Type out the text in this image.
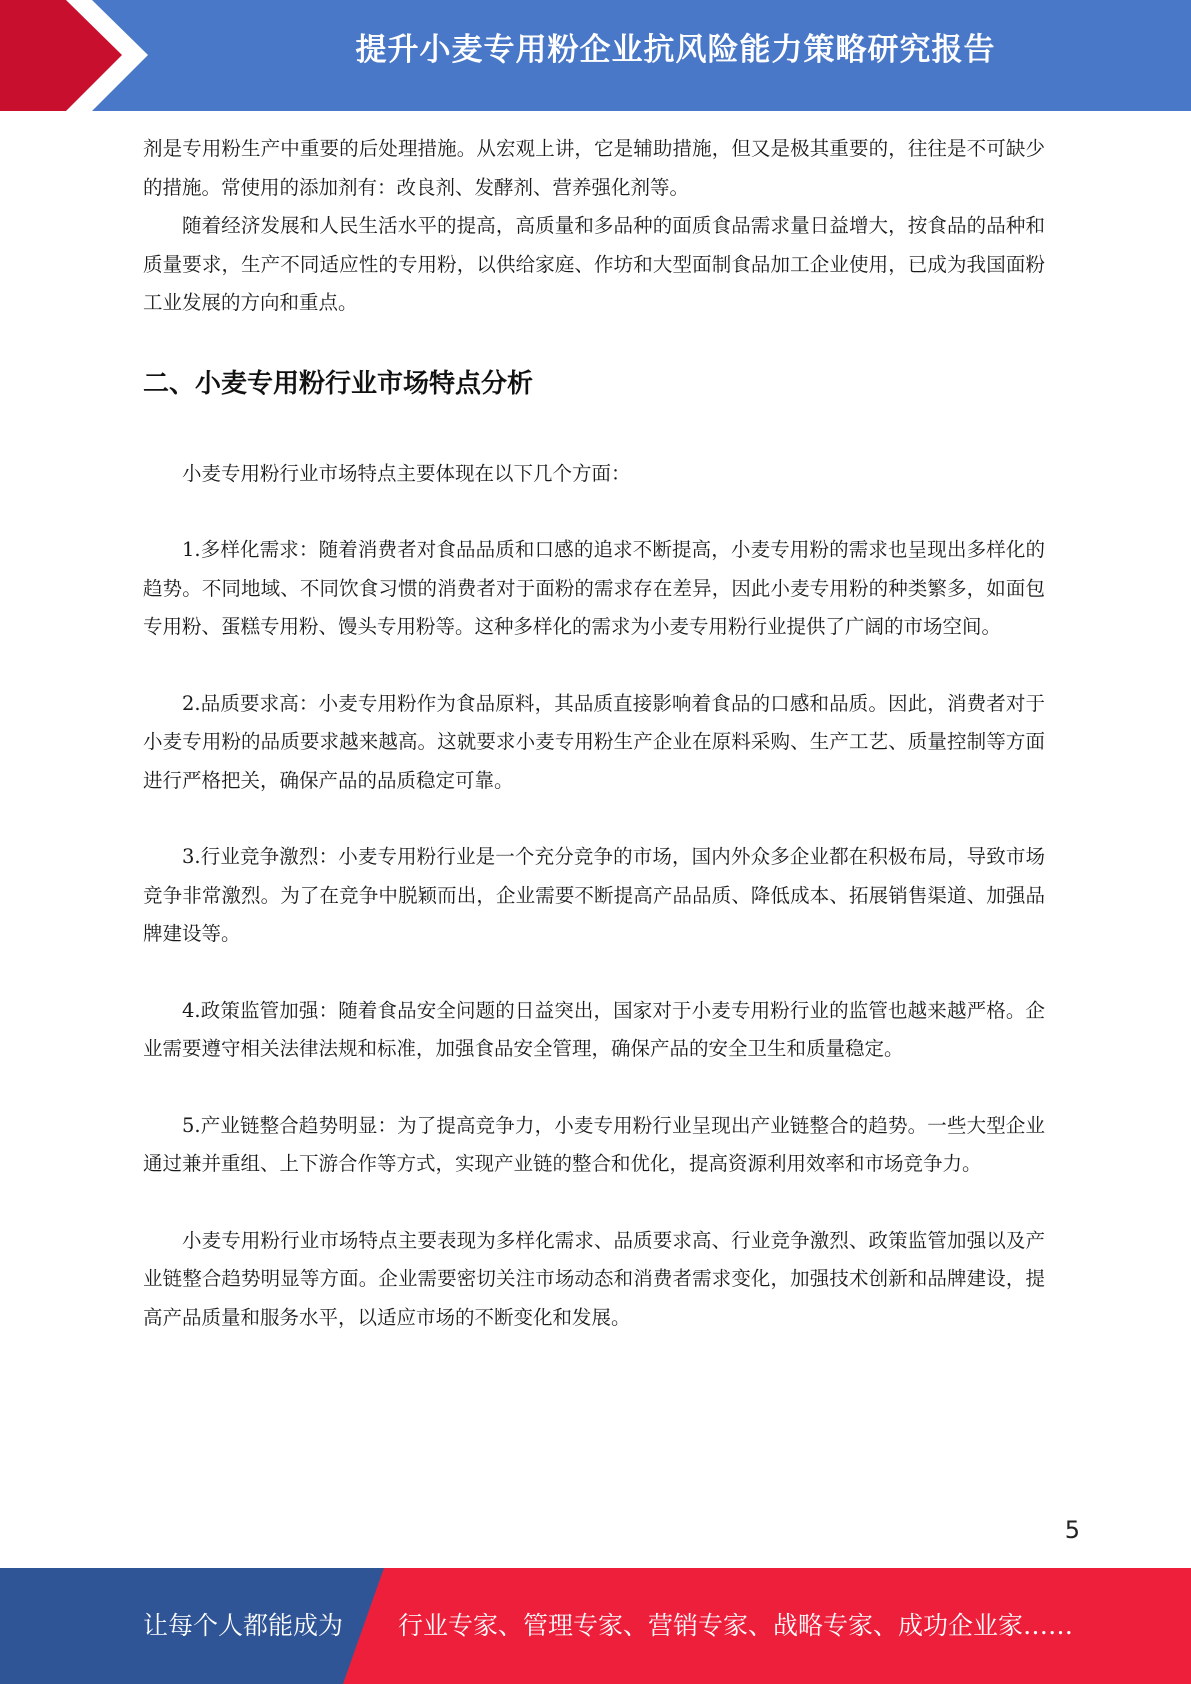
提升小麦专用粉企业抗风险能力策略研究报告

剂是专用粉生产中重要的后处理措施。从宏观上讲，它是辅助措施，但又是极其重要的，往往是不可缺少的措施。常使用的添加剂有：改良剂、发酵剂、营养强化剂等。

随着经济发展和人民生活水平的提高，高质量和多品种的面质食品需求量日益增大，按食品的品种和质量要求，生产不同适应性的专用粉，以供给家庭、作坊和大型面制食品加工企业使用，已成为我国面粉工业发展的方向和重点。

二、小麦专用粉行业市场特点分析

小麦专用粉行业市场特点主要体现在以下几个方面：

1.多样化需求：随着消费者对食品品质和口感的追求不断提高，小麦专用粉的需求也呈现出多样化的趋势。不同地域、不同饮食习惯的消费者对于面粉的需求存在差异，因此小麦专用粉的种类繁多，如面包专用粉、蛋糕专用粉、馒头专用粉等。这种多样化的需求为小麦专用粉行业提供了广阔的市场空间。

2.品质要求高：小麦专用粉作为食品原料，其品质直接影响着食品的口感和品质。因此，消费者对于小麦专用粉的品质要求越来越高。这就要求小麦专用粉生产企业在原料采购、生产工艺、质量控制等方面进行严格把关，确保产品的品质稳定可靠。

3.行业竞争激烈：小麦专用粉行业是一个充分竞争的市场，国内外众多企业都在积极布局，导致市场竞争非常激烈。为了在竞争中脱颖而出，企业需要不断提高产品品质、降低成本、拓展销售渠道、加强品牌建设等。

4.政策监管加强：随着食品安全问题的日益突出，国家对于小麦专用粉行业的监管也越来越严格。企业需要遵守相关法律法规和标准，加强食品安全管理，确保产品的安全卫生和质量稳定。

5.产业链整合趋势明显：为了提高竞争力，小麦专用粉行业呈现出产业链整合的趋势。一些大型企业通过兼并重组、上下游合作等方式，实现产业链的整合和优化，提高资源利用效率和市场竞争力。

小麦专用粉行业市场特点主要表现为多样化需求、品质要求高、行业竞争激烈、政策监管加强以及产业链整合趋势明显等方面。企业需要密切关注市场动态和消费者需求变化，加强技术创新和品牌建设，提高产品质量和服务水平，以适应市场的不断变化和发展。

5
让每个人都能成为 行业专家、管理专家、营销专家、战略专家、成功企业家……
